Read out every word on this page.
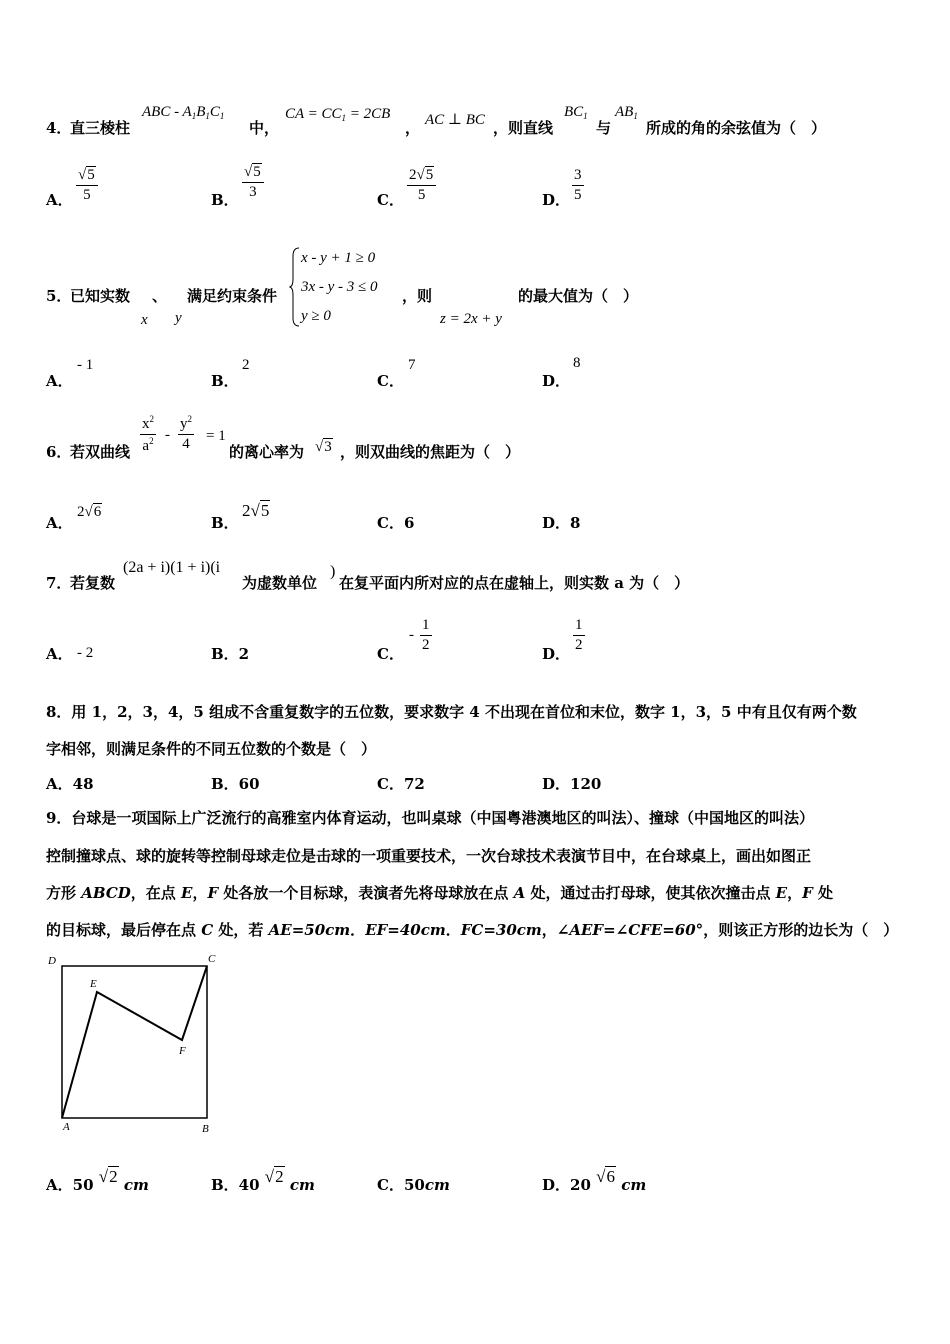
4．
直三棱柱
ABC - $A_1B_1C_1$
中，
CA = $CC_1 = 2CB$
， AC ⊥ BC ，则直线
$BC_1$
与
$AB_1$
所成的角的余弦值为（　）
A．
√5
5	B．
√5
3	C．
2√5
5	D．
3
5
5．
已知实数 、
x y
满足约束条件
x - y + 1 ≥ 0
3x - y - 3 ≤ 0
y ≥ 0
，则
z = 2x + y
的最大值为（　）
A．
- 1
B．
2
C．
7
D．
8
6．
若双曲线
$x^2$
$a^2$ -
$y^2$
4 = 1
的离心率为 √3 ，则双曲线的焦距为（　）
A．
2√6
B．
2√5
C．6	D．8
7．
若复数
(2a + i)(1 + i)(i
为虚数单位
)
在复平面内所对应的点在虚轴上，则实数 a 为（　）
A． - 2	B．2	C．
-
1
2	D．
1
2
8．用 1，2，3，4，5 组成不含重复数字的五位数，要求数字 4 不出现在首位和末位，数字 1，3，5 中有且仅有两个数
字相邻，则满足条件的不同五位数的个数是（　）
A．48	B．60	C．72	D．120
9．台球是一项国际上广泛流行的高雅室内体育运动，也叫桌球（中国粤港澳地区的叫法）、撞球（中国地区的叫法）
控制撞球点、球的旋转等控制母球走位是击球的一项重要技术，一次台球技术表演节目中，在台球桌上，画出如图正
方形 ABCD，在点 E，F 处各放一个目标球，表演者先将母球放在点 A 处，通过击打母球，使其依次撞击点 E，F 处
的目标球，最后停在点 C 处，若 AE=50cm．EF=40cm．FC=30cm，∠AEF=∠CFE=60°，则该正方形的边长为（　）
D	C
E
F
A	B
A．50 √2 cm	B．40 √2 cm	C．50cm	D．20 √6 cm
